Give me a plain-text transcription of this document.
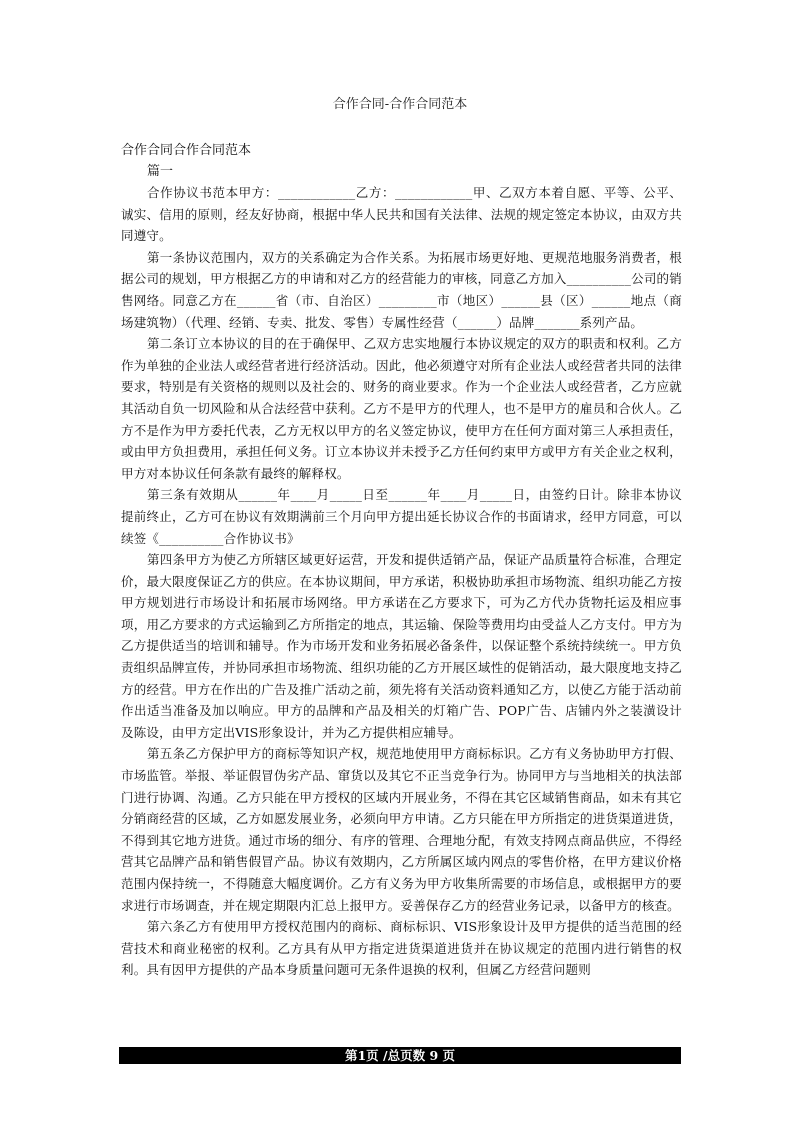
合作合同-合作合同范本
合作合同合作合同范本
篇一

合作协议书范本甲方：____________乙方：____________甲、乙双方本着自愿、平等、公平、诚实、信用的原则，经友好协商，根据中华人民共和国有关法律、法规的规定签定本协议，由双方共同遵守。

第一条协议范围内，双方的关系确定为合作关系。为拓展市场更好地、更规范地服务消费者，根据公司的规划，甲方根据乙方的申请和对乙方的经营能力的审核，同意乙方加入__________公司的销售网络。同意乙方在______省（市、自治区）_________市（地区）______县（区）______地点（商场建筑物）（代理、经销、专卖、批发、零售）专属性经营（______）品牌_______系列产品。

第二条订立本协议的目的在于确保甲、乙双方忠实地履行本协议规定的双方的职责和权利。乙方作为单独的企业法人或经营者进行经济活动。因此，他必须遵守对所有企业法人或经营者共同的法律要求，特别是有关资格的规则以及社会的、财务的商业要求。作为一个企业法人或经营者，乙方应就其活动自负一切风险和从合法经营中获利。乙方不是甲方的代理人，也不是甲方的雇员和合伙人。乙方不是作为甲方委托代表，乙方无权以甲方的名义签定协议，使甲方在任何方面对第三人承担责任，或由甲方负担费用，承担任何义务。订立本协议并未授予乙方任何约束甲方或甲方有关企业之权利，甲方对本协议任何条款有最终的解释权。

第三条有效期从______年____月_____日至______年____月_____日，由签约日计。除非本协议提前终止，乙方可在协议有效期满前三个月向甲方提出延长协议合作的书面请求，经甲方同意，可以续签《__________合作协议书》

第四条甲方为使乙方所辖区域更好运营，开发和提供适销产品，保证产品质量符合标准，合理定价，最大限度保证乙方的供应。在本协议期间，甲方承诺，积极协助承担市场物流、组织功能乙方按甲方规划进行市场设计和拓展市场网络。甲方承诺在乙方要求下，可为乙方代办货物托运及相应事项，用乙方要求的方式运输到乙方所指定的地点，其运输、保险等费用均由受益人乙方支付。甲方为乙方提供适当的培训和辅导。作为市场开发和业务拓展必备条件，以保证整个系统持续统一。甲方负责组织品牌宣传，并协同承担市场物流、组织功能的乙方开展区域性的促销活动，最大限度地支持乙方的经营。甲方在作出的广告及推广活动之前，须先将有关活动资料通知乙方，以使乙方能于活动前作出适当准备及加以响应。甲方的品牌和产品及相关的灯箱广告、POP广告、店铺内外之装潢设计及陈设，由甲方定出VIS形象设计，并为乙方提供相应辅导。

第五条乙方保护甲方的商标等知识产权，规范地使用甲方商标标识。乙方有义务协助甲方打假、市场监管。举报、举证假冒伪劣产品、窜货以及其它不正当竞争行为。协同甲方与当地相关的执法部门进行协调、沟通。乙方只能在甲方授权的区域内开展业务，不得在其它区域销售商品，如未有其它分销商经营的区域，乙方如愿发展业务，必须向甲方申请。乙方只能在甲方所指定的进货渠道进货，不得到其它地方进货。通过市场的细分、有序的管理、合理地分配，有效支持网点商品供应，不得经营其它品牌产品和销售假冒产品。协议有效期内，乙方所属区域内网点的零售价格，在甲方建议价格范围内保持统一，不得随意大幅度调价。乙方有义务为甲方收集所需要的市场信息，或根据甲方的要求进行市场调查，并在规定期限内汇总上报甲方。妥善保存乙方的经营业务记录，以备甲方的核查。

第六条乙方有使用甲方授权范围内的商标、商标标识、VIS形象设计及甲方提供的适当范围的经营技术和商业秘密的权利。乙方具有从甲方指定进货渠道进货并在协议规定的范围内进行销售的权利。具有因甲方提供的产品本身质量问题可无条件退换的权利，但属乙方经营问题则

第1页 /总页数 9 页
